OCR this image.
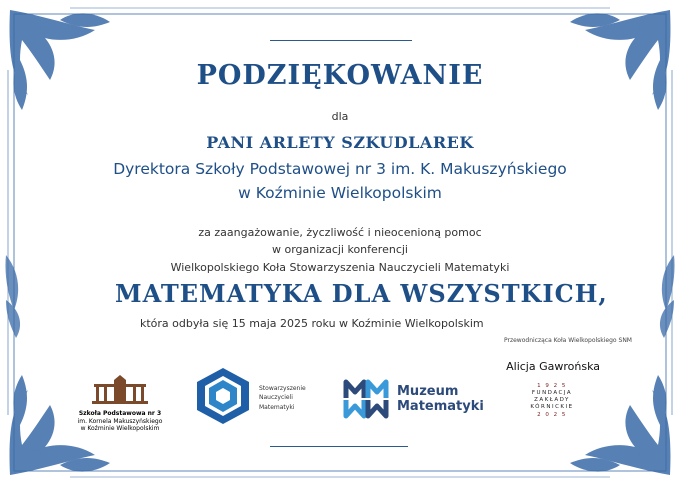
PODZIĘKOWANIE
dla
PANI ARLETY SZKUDLAREK
Dyrektora Szkoły Podstawowej nr 3 im. K. Makuszyńskiego
w Koźminie Wielkopolskim
za zaangażowanie, życzliwość i nieocenioną pomoc
w organizacji konferencji
Wielkopolskiego Koła Stowarzyszenia Nauczycieli Matematyki
MATEMATYKA DLA WSZYSTKICH,
która odbyła się 15 maja 2025 roku w Koźminie Wielkopolskim
Przewodnicząca Koła Wielkopolskiego SNM
Alicja Gawrońska
Szkoła Podstawowa nr 3
im. Kornela Makuszyńskiego
w Koźminie Wielkopolskim
Stowarzyszenie
Nauczycieli
Matematyki
Muzeum
Matematyki
1 9 2 5
FUNDACJA
ZAKŁADY
KÓRNICKIE
2 0 2 5
